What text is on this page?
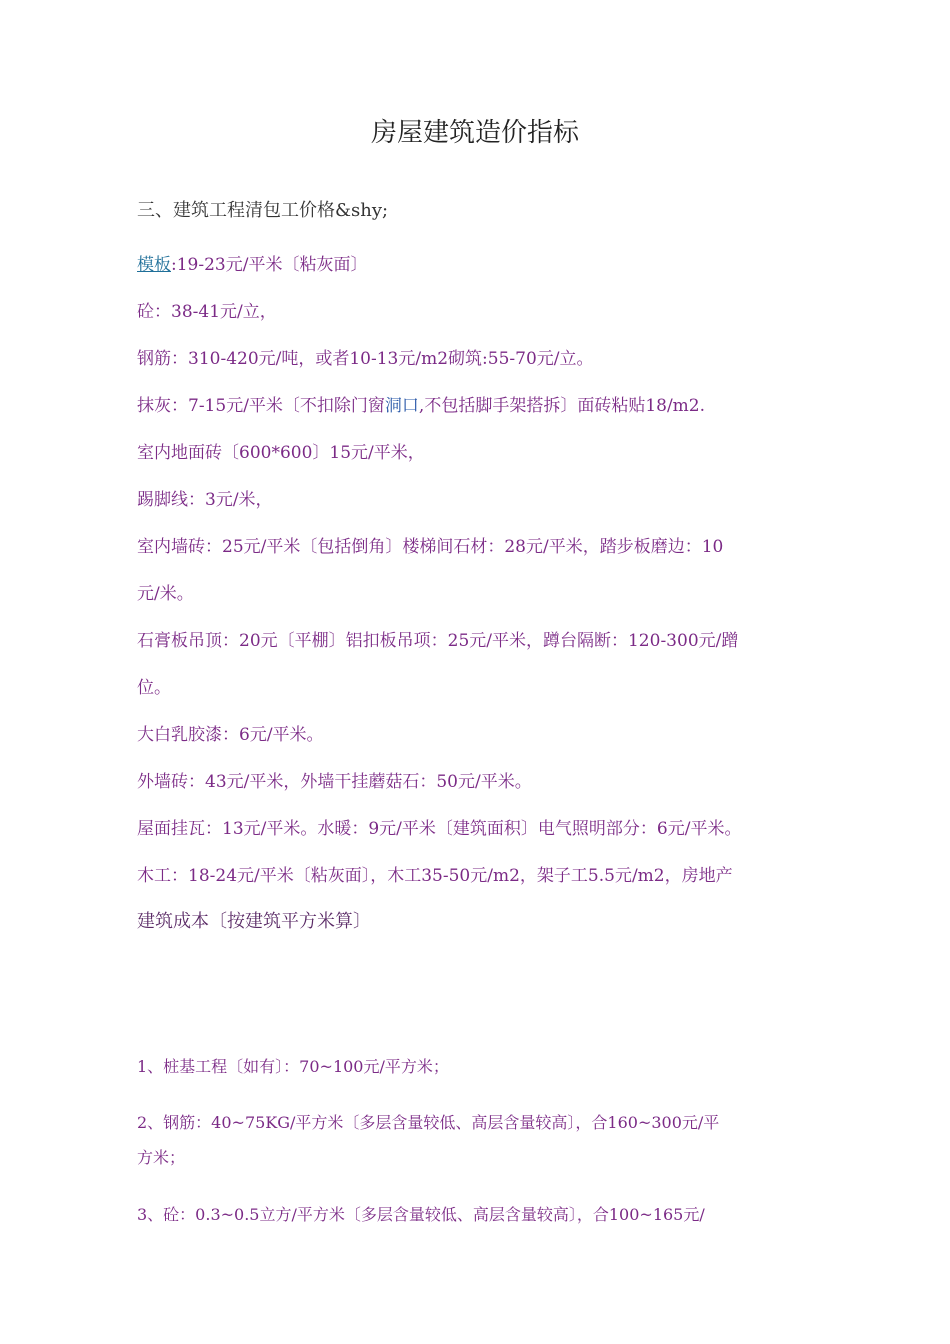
房屋建筑造价指标
三、建筑工程清包工价格&shy;
模板:19-23元/平米〔粘灰面〕
砼：38-41元/立，
钢筋：310-420元/吨，或者10-13元/m2砌筑:55-70元/立。
抹灰：7-15元/平米〔不扣除门窗洞口,不包括脚手架搭拆〕面砖粘贴18/m2.
室内地面砖〔600*600〕15元/平米，
踢脚线：3元/米，
室内墙砖：25元/平米〔包括倒角〕楼梯间石材：28元/平米，踏步板磨边：10
元/米。
石膏板吊顶：20元〔平棚〕铝扣板吊项：25元/平米，蹲台隔断：120-300元/蹭
位。
大白乳胶漆：6元/平米。
外墙砖：43元/平米，外墙干挂蘑菇石：50元/平米。
屋面挂瓦：13元/平米。水暖：9元/平米〔建筑面积〕电气照明部分：6元/平米。
木工：18-24元/平米〔粘灰面〕，木工35-50元/m2，架子工5.5元/m2，房地产
建筑成本〔按建筑平方米算〕
1、桩基工程〔如有〕：70~100元/平方米；
2、钢筋：40~75KG/平方米〔多层含量较低、高层含量较高〕，合160~300元/平
方米；
3、砼：0.3~0.5立方/平方米〔多层含量较低、高层含量较高〕，合100~165元/
